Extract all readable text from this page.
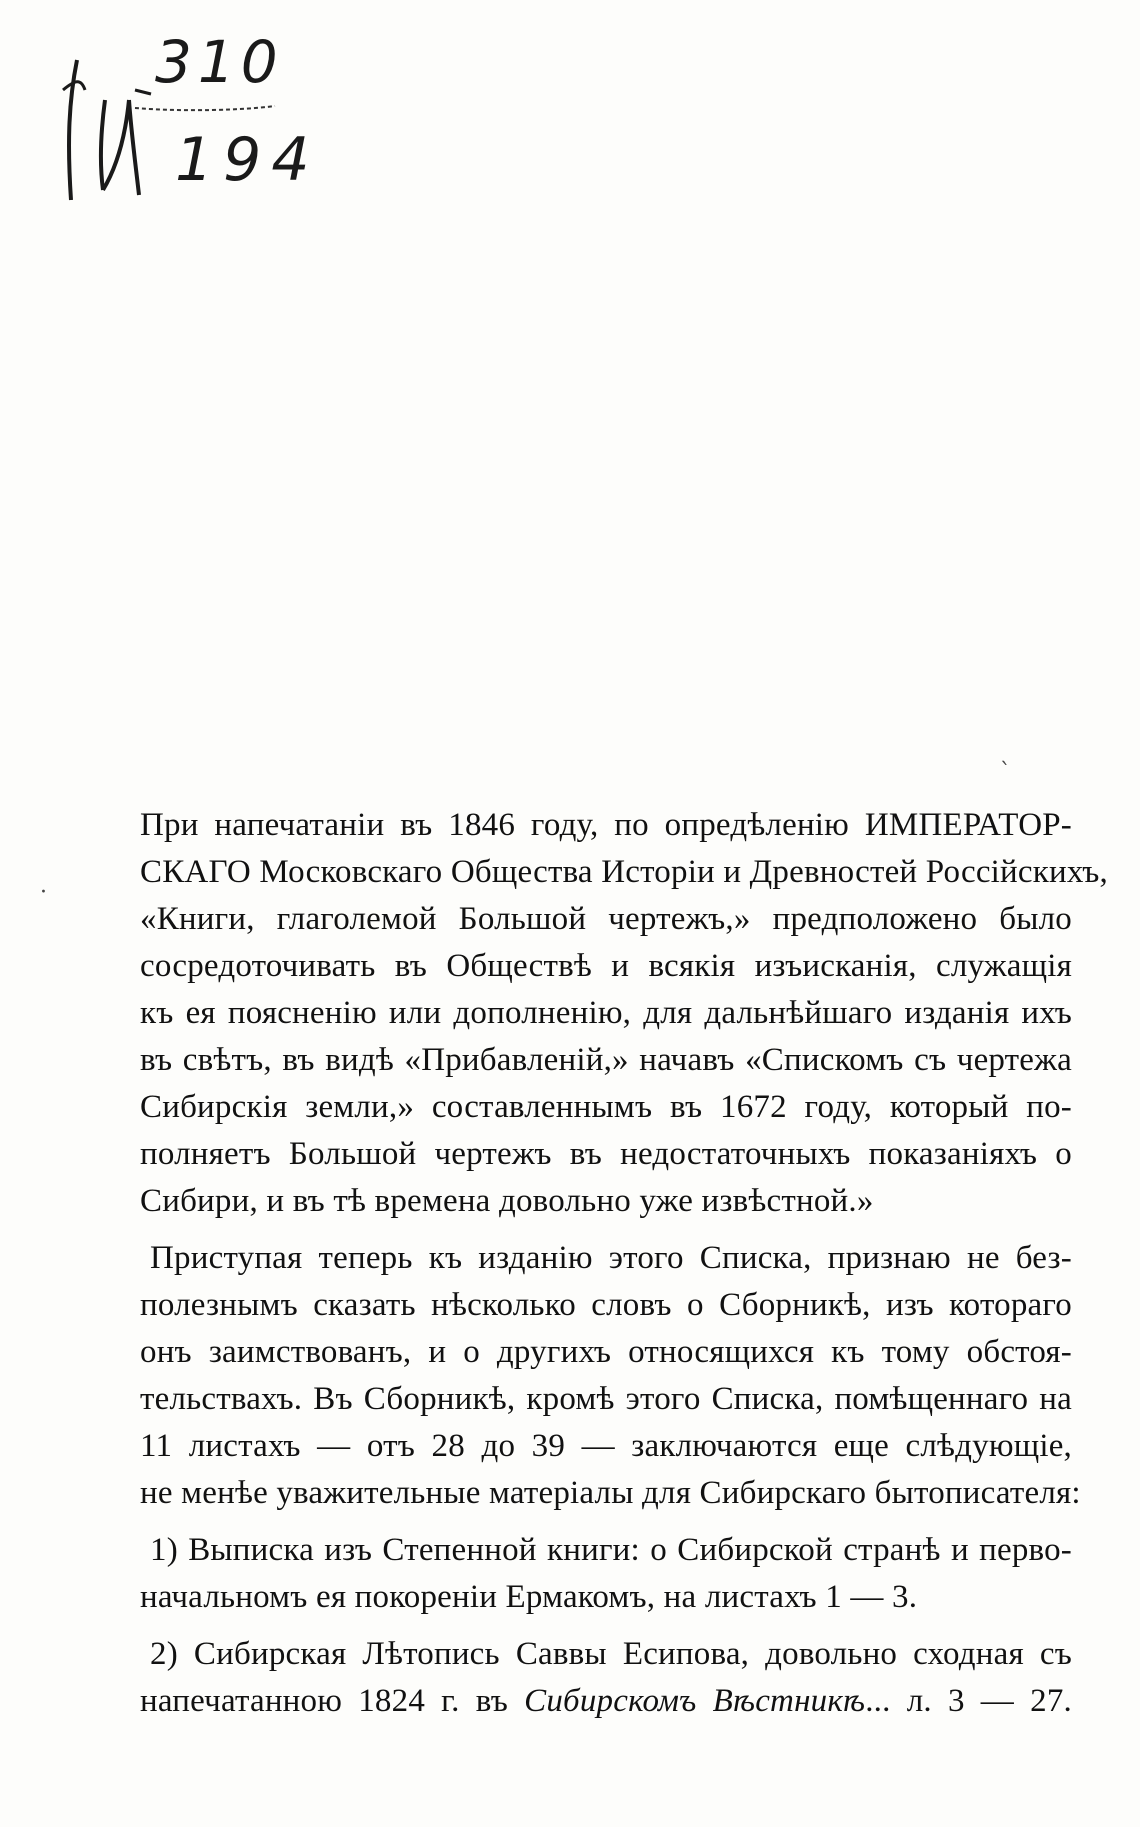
310
194
·
ˋ

При напечатаніи въ 1846 году, по опредѣленію ИМПЕРАТОР-
СКАГО Московскаго Общества Исторіи и Древностей Россійскихъ,
«Книги, глаголемой Большой чертежъ,» предположено было
сосредоточивать въ Обществѣ и всякія изъисканія, служащія
къ ея поясненію или дополненію, для дальнѣйшаго изданія ихъ
въ свѣтъ, въ видѣ «Прибавленій,» начавъ «Спискомъ съ чертежа
Сибирскія земли,» составленнымъ въ 1672 году, который по-
полняетъ Большой чертежъ въ недостаточныхъ показаніяхъ о
Сибири, и въ тѣ времена довольно уже извѣстной.»

Приступая теперь къ изданію этого Списка, признаю не без-
полезнымъ сказать нѣсколько словъ о Сборникѣ, изъ котораго
онъ заимствованъ, и о другихъ относящихся къ тому обстоя-
тельствахъ. Въ Сборникѣ, кромѣ этого Списка, помѣщеннаго на
11 листахъ — отъ 28 до 39 — заключаются еще слѣдующіе,
не менѣе уважительные матеріалы для Сибирскаго бытописателя:

1) Выписка изъ Степенной книги: о Сибирской странѣ и перво-
начальномъ ея покореніи Ермакомъ, на листахъ 1 — 3.

2) Сибирская Лѣтопись Саввы Есипова, довольно сходная съ
напечатанною 1824 г. въ Сибирскомъ Вѣстникѣ... л. 3 — 27.
